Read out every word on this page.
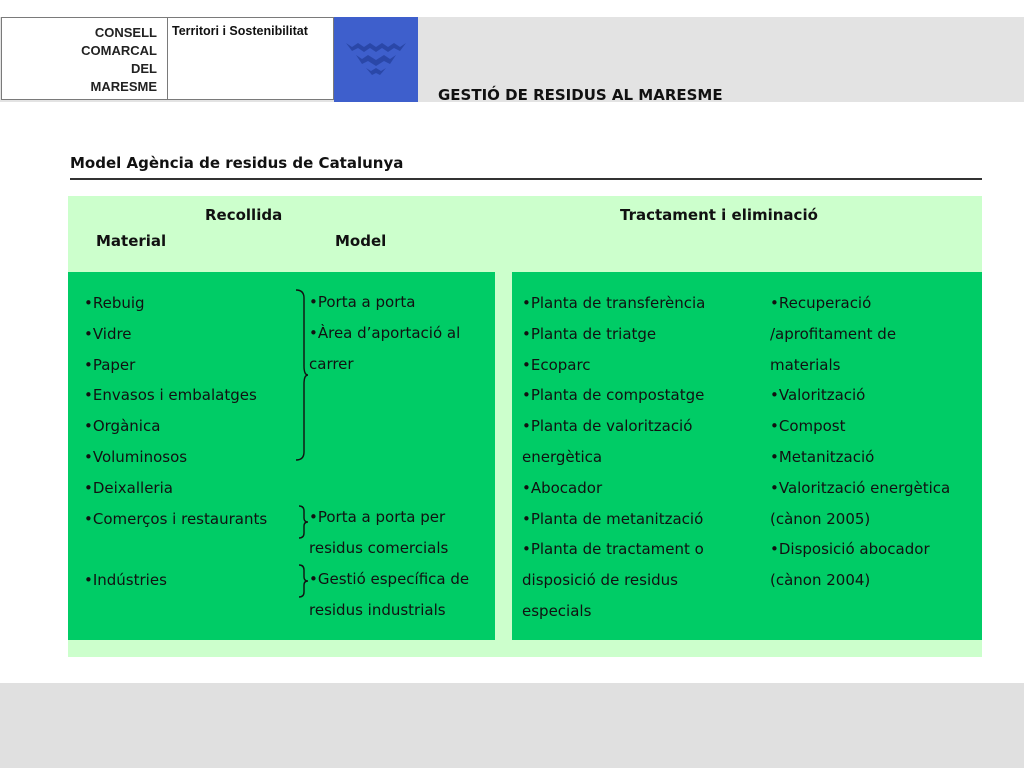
CONSELL
COMARCAL
DEL
MARESME
Territori i Sostenibilitat
GESTIÓ DE RESIDUS AL MARESME
Model Agència de residus de Catalunya
Recollida
Material	Model
Tractament i eliminació
•Rebuig
•Vidre
•Paper
•Envasos i embalatges
•Orgànica
•Voluminosos
•Deixalleria
•Comerços i restaurants
•Indústries
•Porta a porta
•Àrea d’aportació al
carrer
•Porta a porta per
residus comercials
•Gestió específica de
residus industrials
•Planta de transferència
•Planta de triatge
•Ecoparc
•Planta de compostatge
•Planta de valorització
energètica
•Abocador
•Planta de metanització
•Planta de tractament o
disposició de residus
especials
•Recuperació
/aprofitament de
materials
•Valorització
•Compost
•Metanització
•Valorització energètica
(cànon 2005)
•Disposició abocador
(cànon 2004)
